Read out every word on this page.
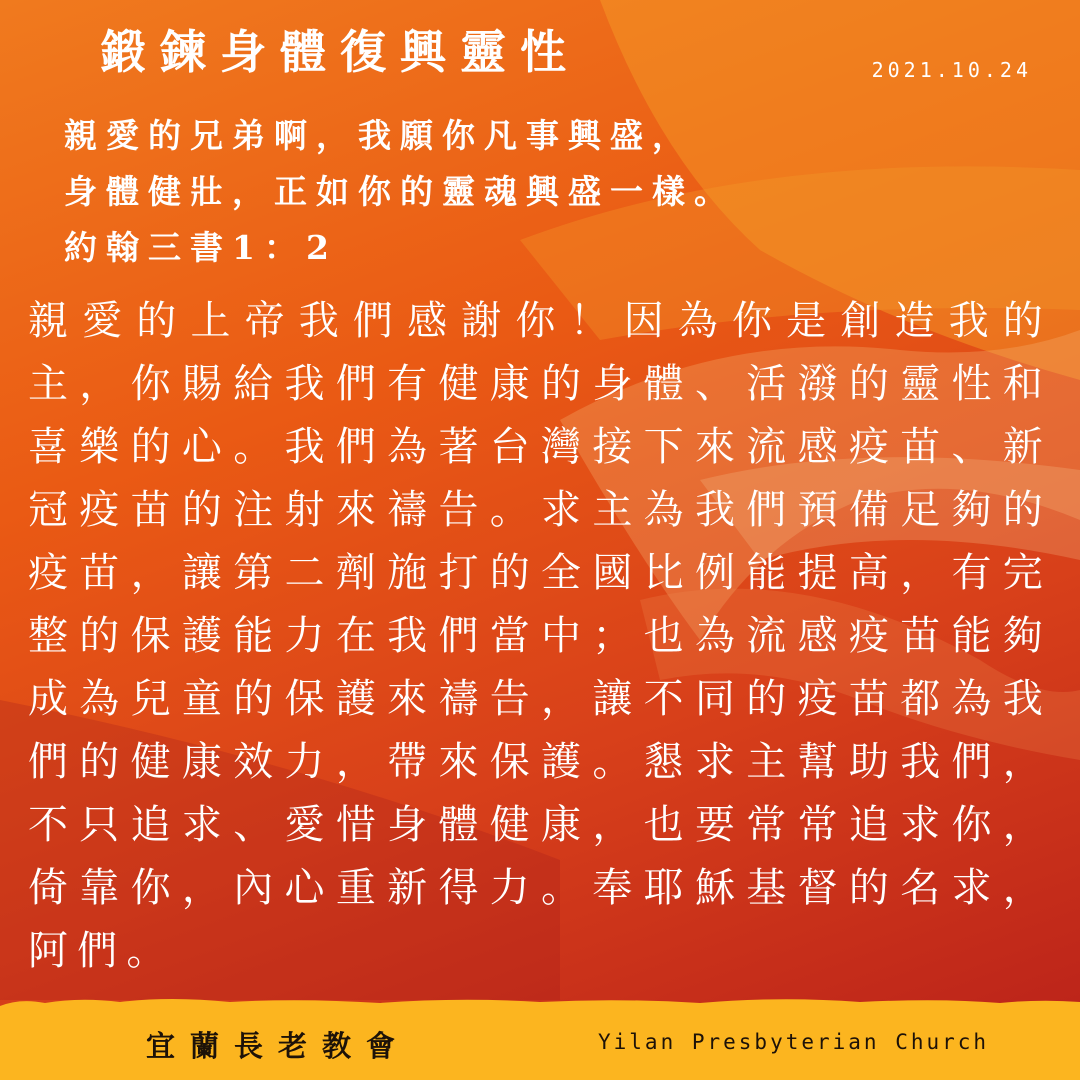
鍛鍊身體復興靈性	2021.10.24
親愛的兄弟啊，我願你凡事興盛，
身體健壯，正如你的靈魂興盛一樣。
約翰三書1：2

親愛的上帝我們感謝你！因為你是創造我的主，你賜給我們有健康的身體、活潑的靈性和喜樂的心。我們為著台灣接下來流感疫苗、新冠疫苗的注射來禱告。求主為我們預備足夠的疫苗，讓第二劑施打的全國比例能提高，有完整的保護能力在我們當中；也為流感疫苗能夠成為兒童的保護來禱告，讓不同的疫苗都為我們的健康效力，帶來保護。懇求主幫助我們，不只追求、愛惜身體健康，也要常常追求你，倚靠你，內心重新得力。奉耶穌基督的名求，阿們。

宜蘭長老教會	Yilan Presbyterian Church
